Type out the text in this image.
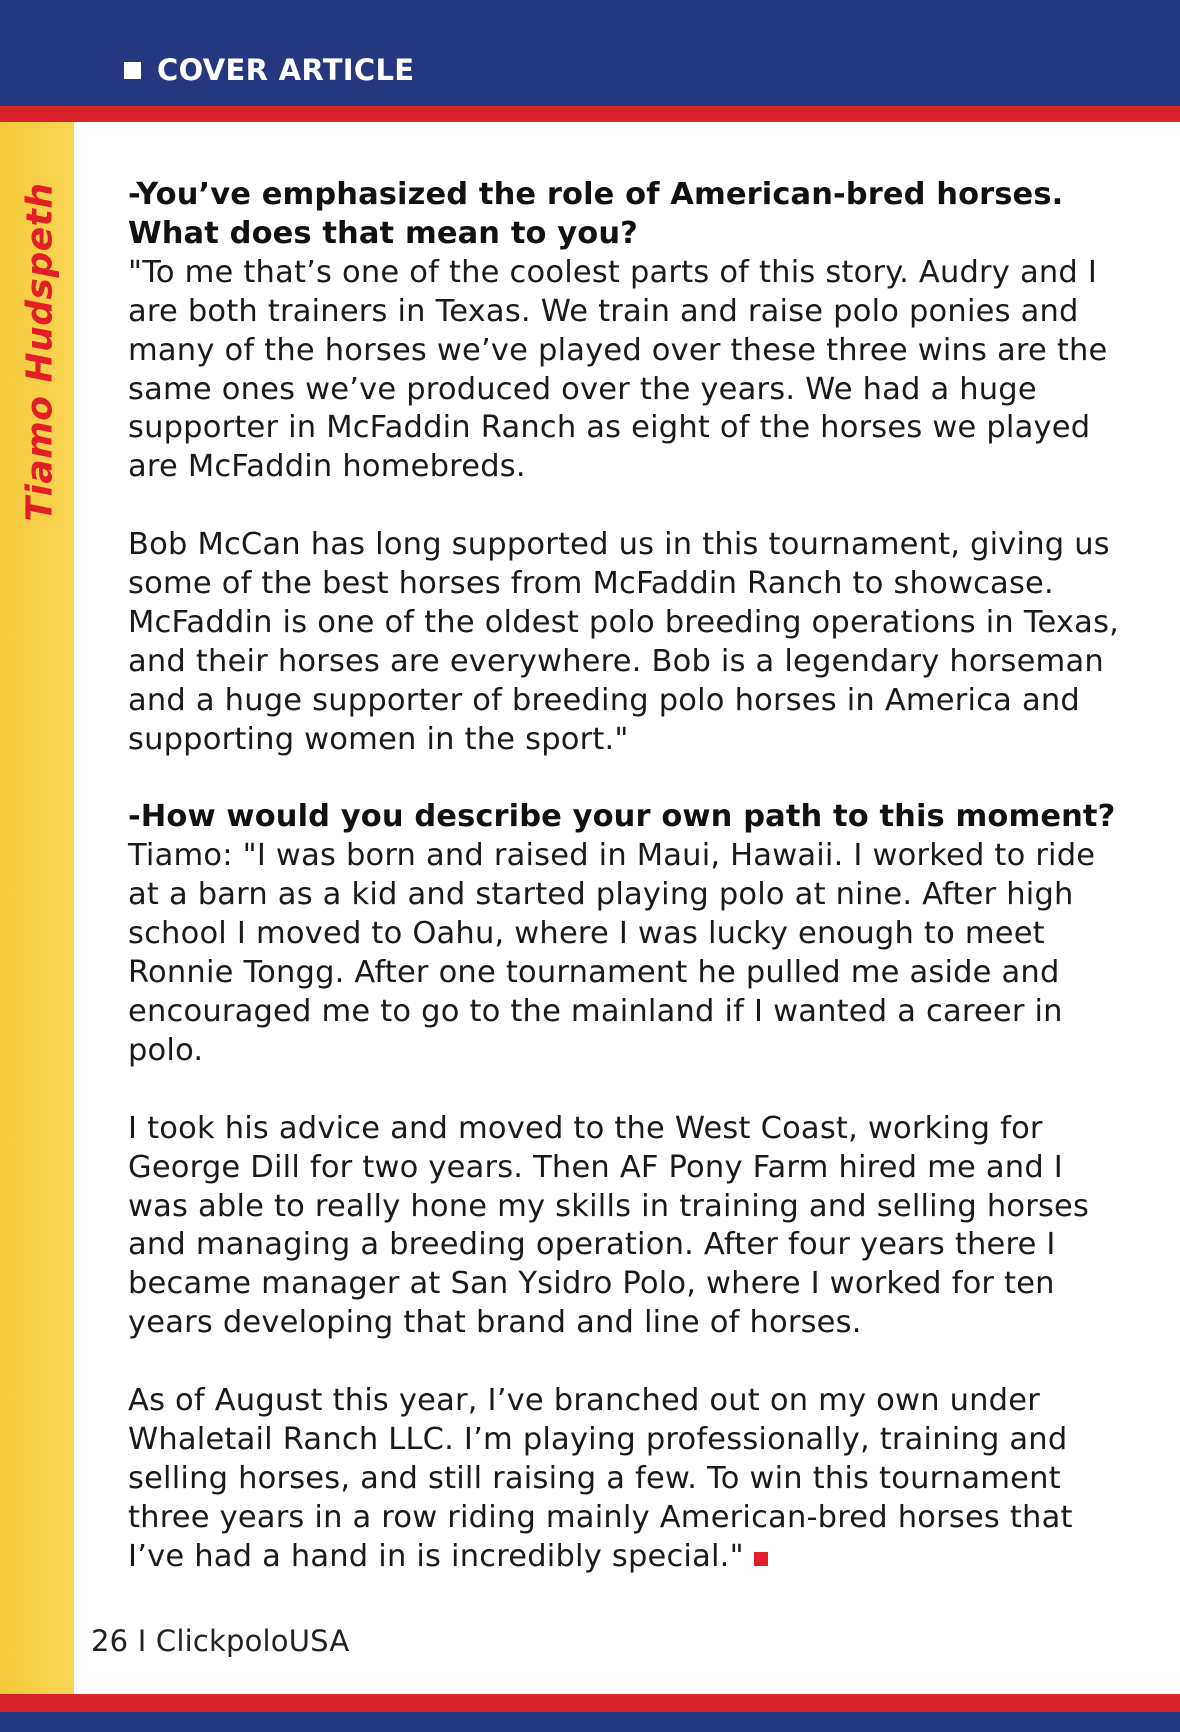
COVER ARTICLE
Tiamo Hudspeth -You’ve emphasized the role of American-bred horses. What does that mean to you?
"To me that’s one of the coolest parts of this story. Audry and I are both trainers in Texas. We train and raise polo ponies and many of the horses we’ve played over these three wins are the same ones we’ve produced over the years. We had a huge supporter in McFaddin Ranch as eight of the horses we played are McFaddin homebreds.

Bob McCan has long supported us in this tournament, giving us some of the best horses from McFaddin Ranch to showcase. McFaddin is one of the oldest polo breeding operations in Texas, and their horses are everywhere. Bob is a legendary horseman and a huge supporter of breeding polo horses in America and supporting women in the sport."

-How would you describe your own path to this moment?
Tiamo: "I was born and raised in Maui, Hawaii. I worked to ride at a barn as a kid and started playing polo at nine. After high school I moved to Oahu, where I was lucky enough to meet Ronnie Tongg. After one tournament he pulled me aside and encouraged me to go to the mainland if I wanted a career in polo.

I took his advice and moved to the West Coast, working for George Dill for two years. Then AF Pony Farm hired me and I was able to really hone my skills in training and selling horses and managing a breeding operation. After four years there I became manager at San Ysidro Polo, where I worked for ten years developing that brand and line of horses.

As of August this year, I’ve branched out on my own under Whaletail Ranch LLC. I’m playing professionally, training and selling horses, and still raising a few. To win this tournament three years in a row riding mainly American-bred horses that I’ve had a hand in is incredibly special."

26 I ClickpoloUSA
